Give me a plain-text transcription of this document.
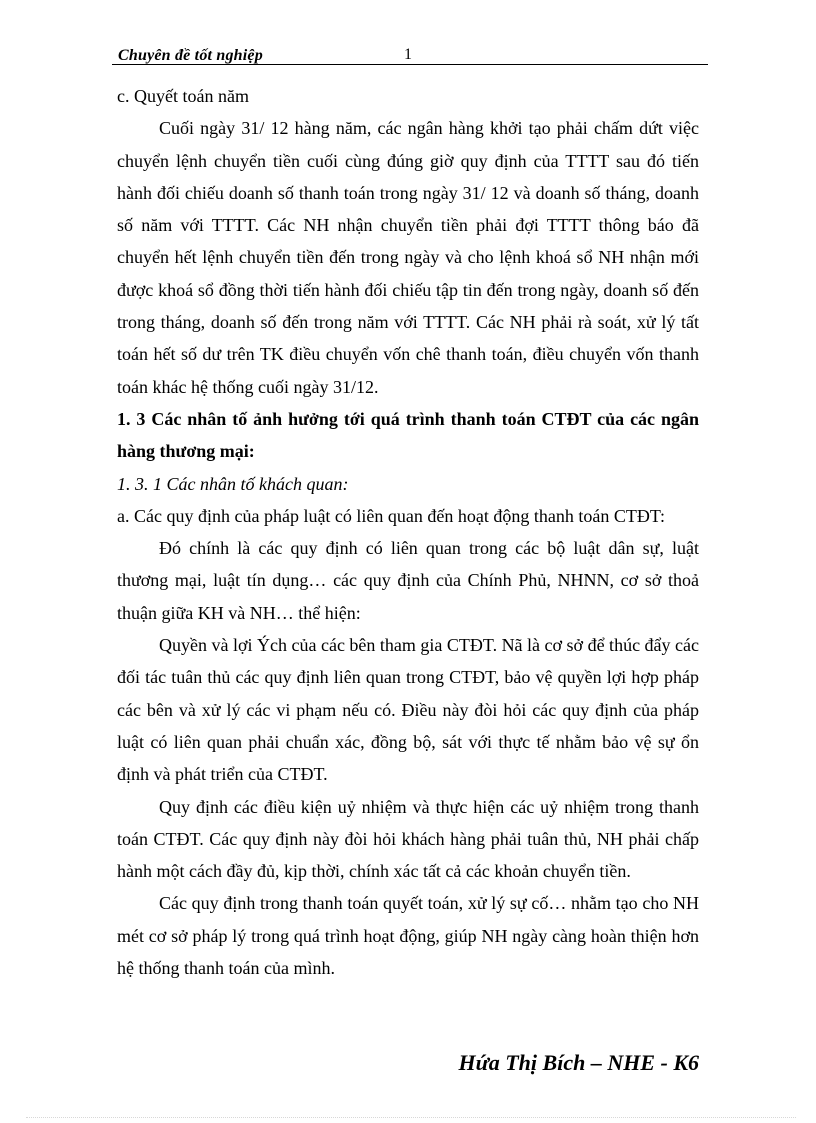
Chuyên đề tốt nghiệp	1

c. Quyết toán năm

Cuối ngày 31/ 12 hàng năm, các ngân hàng khởi tạo phải chấm dứt việc chuyển lệnh chuyển tiền cuối cùng đúng giờ quy định của TTTT sau đó tiến hành đối chiếu doanh số thanh toán trong ngày 31/ 12 và doanh số tháng, doanh số năm với TTTT. Các NH nhận chuyển tiền phải đợi TTTT thông báo đã chuyển hết lệnh chuyển tiền đến trong ngày và cho lệnh khoá sổ NH nhận mới được khoá sổ đồng thời tiến hành đối chiếu tập tin đến trong ngày, doanh số đến trong tháng, doanh số đến trong năm với TTTT. Các NH phải rà soát, xử lý tất toán hết số dư trên TK điều chuyển vốn chê thanh toán, điều chuyển vốn thanh toán khác hệ thống cuối ngày 31/12.

1. 3 Các nhân tố ảnh hưởng tới quá trình thanh toán CTĐT của các ngân hàng thương mại:

1. 3. 1 Các nhân tố khách quan:

a. Các quy định của pháp luật có liên quan đến hoạt động thanh toán CTĐT:

Đó chính là các quy định có liên quan trong các bộ luật dân sự, luật thương mại, luật tín dụng… các quy định của Chính Phủ, NHNN, cơ sở thoả thuận giữa KH và NH… thể hiện:

Quyền và lợi Ých của các bên tham gia CTĐT. Nã là cơ sở để thúc đẩy các đối tác tuân thủ các quy định liên quan trong CTĐT, bảo vệ quyền lợi hợp pháp các bên và xử lý các vi phạm nếu có. Điều này đòi hỏi các quy định của pháp luật có liên quan phải chuẩn xác, đồng bộ, sát với thực tế nhằm bảo vệ sự ổn định và phát triển của CTĐT.

Quy định các điều kiện uỷ nhiệm và thực hiện các uỷ nhiệm trong thanh toán CTĐT. Các quy định này đòi hỏi khách hàng phải tuân thủ, NH phải chấp hành một cách đầy đủ, kịp thời, chính xác tất cả các khoản chuyển tiền.

Các quy định trong thanh toán quyết toán, xử lý sự cố… nhằm tạo cho NH mét cơ sở pháp lý trong quá trình hoạt động, giúp NH ngày càng hoàn thiện hơn hệ thống thanh toán của mình.

Hứa Thị Bích – NHE - K6
